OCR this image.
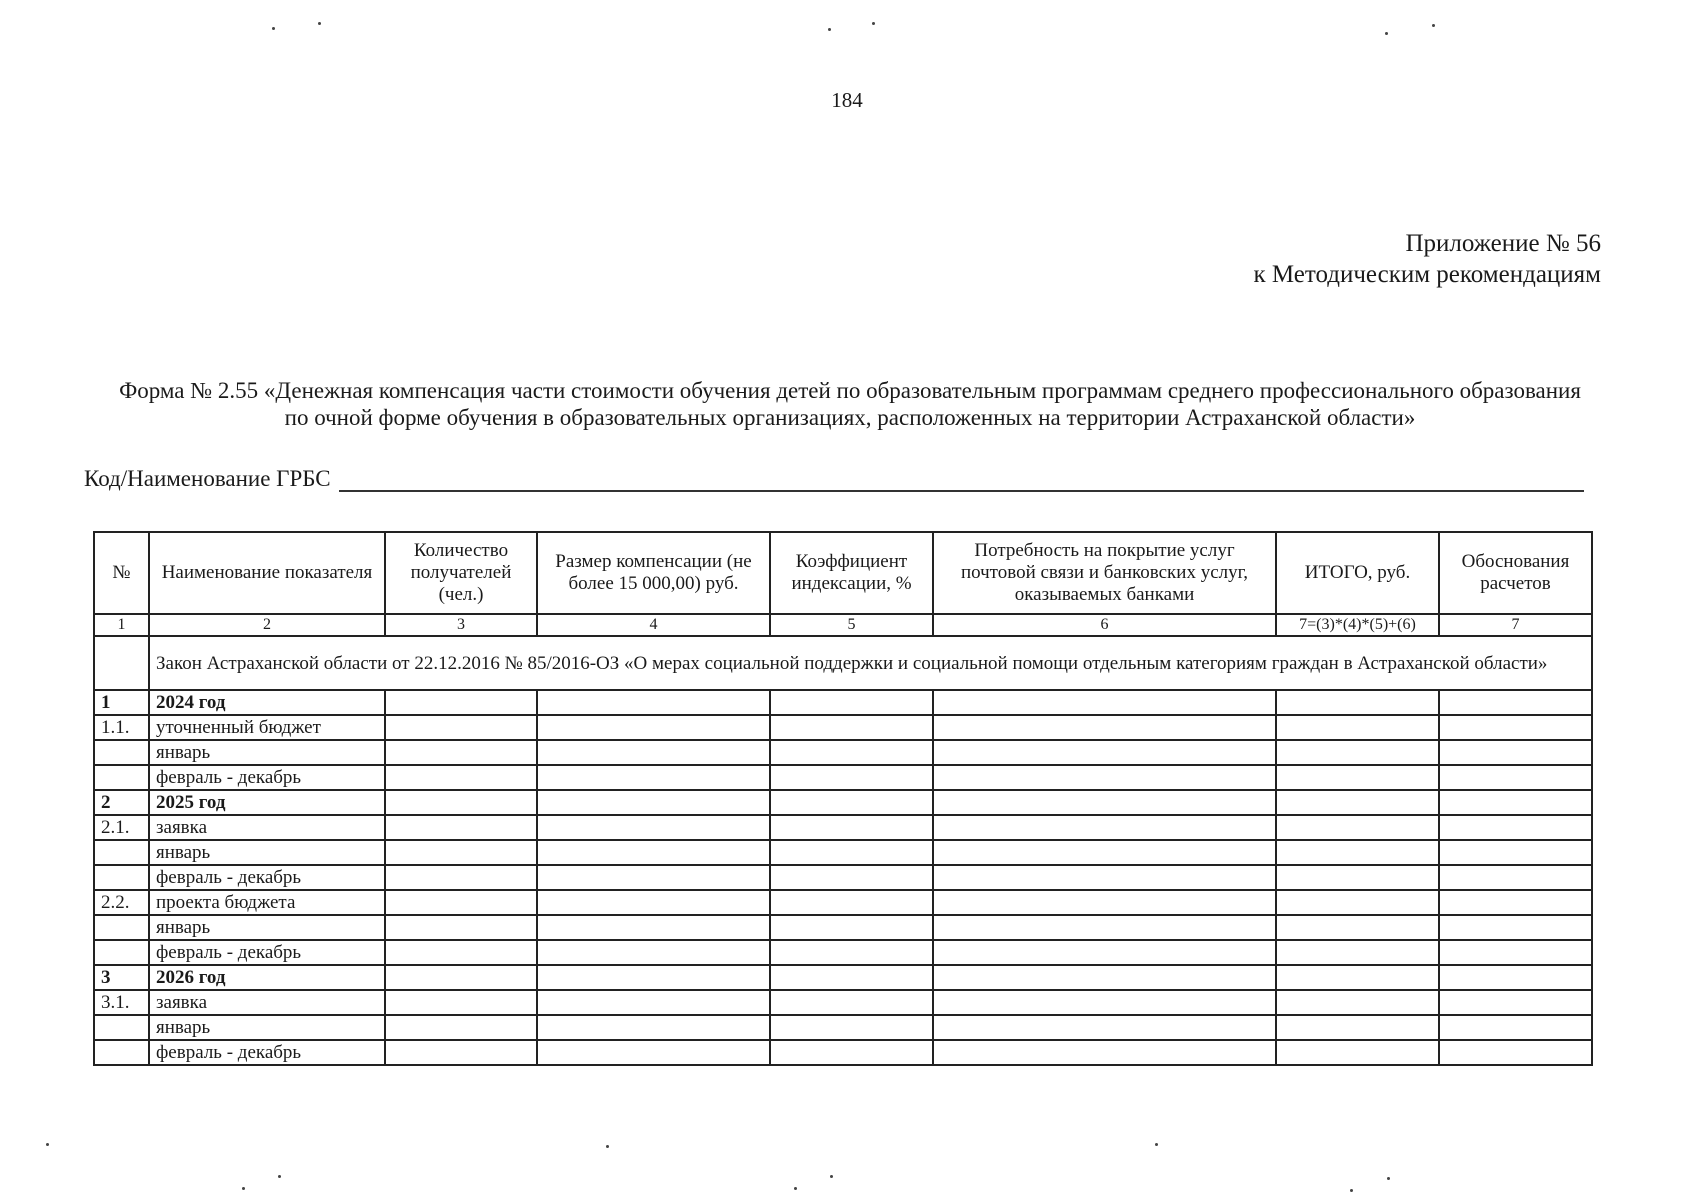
184
Приложение № 56
к Методическим рекомендациям
Форма № 2.55 «Денежная компенсация части стоимости обучения детей по образовательным программам среднего профессионального образования по очной форме обучения в образовательных организациях, расположенных на территории Астраханской области»
Код/Наименование ГРБС
№	Наименование показателя	Количество получателей (чел.)	Размер компенсации (не более 15 000,00) руб.	Коэффициент индексации, %	Потребность на покрытие услуг почтовой связи и банковских услуг, оказываемых банками	ИТОГО, руб.	Обоснования расчетов
1	2	3	4	5	6	7=(3)*(4)*(5)+(6)	7
	Закон Астраханской области от 22.12.2016 № 85/2016-ОЗ «О мерах социальной поддержки и социальной помощи отдельным категориям граждан в Астраханской области»						
1	2024 год						
1.1.	уточненный бюджет						
	январь						
	февраль - декабрь						
2	2025 год						
2.1.	заявка						
	январь						
	февраль - декабрь						
2.2.	проекта бюджета						
	январь						
	февраль - декабрь						
3	2026 год						
3.1.	заявка						
	январь						
	февраль - декабрь						
